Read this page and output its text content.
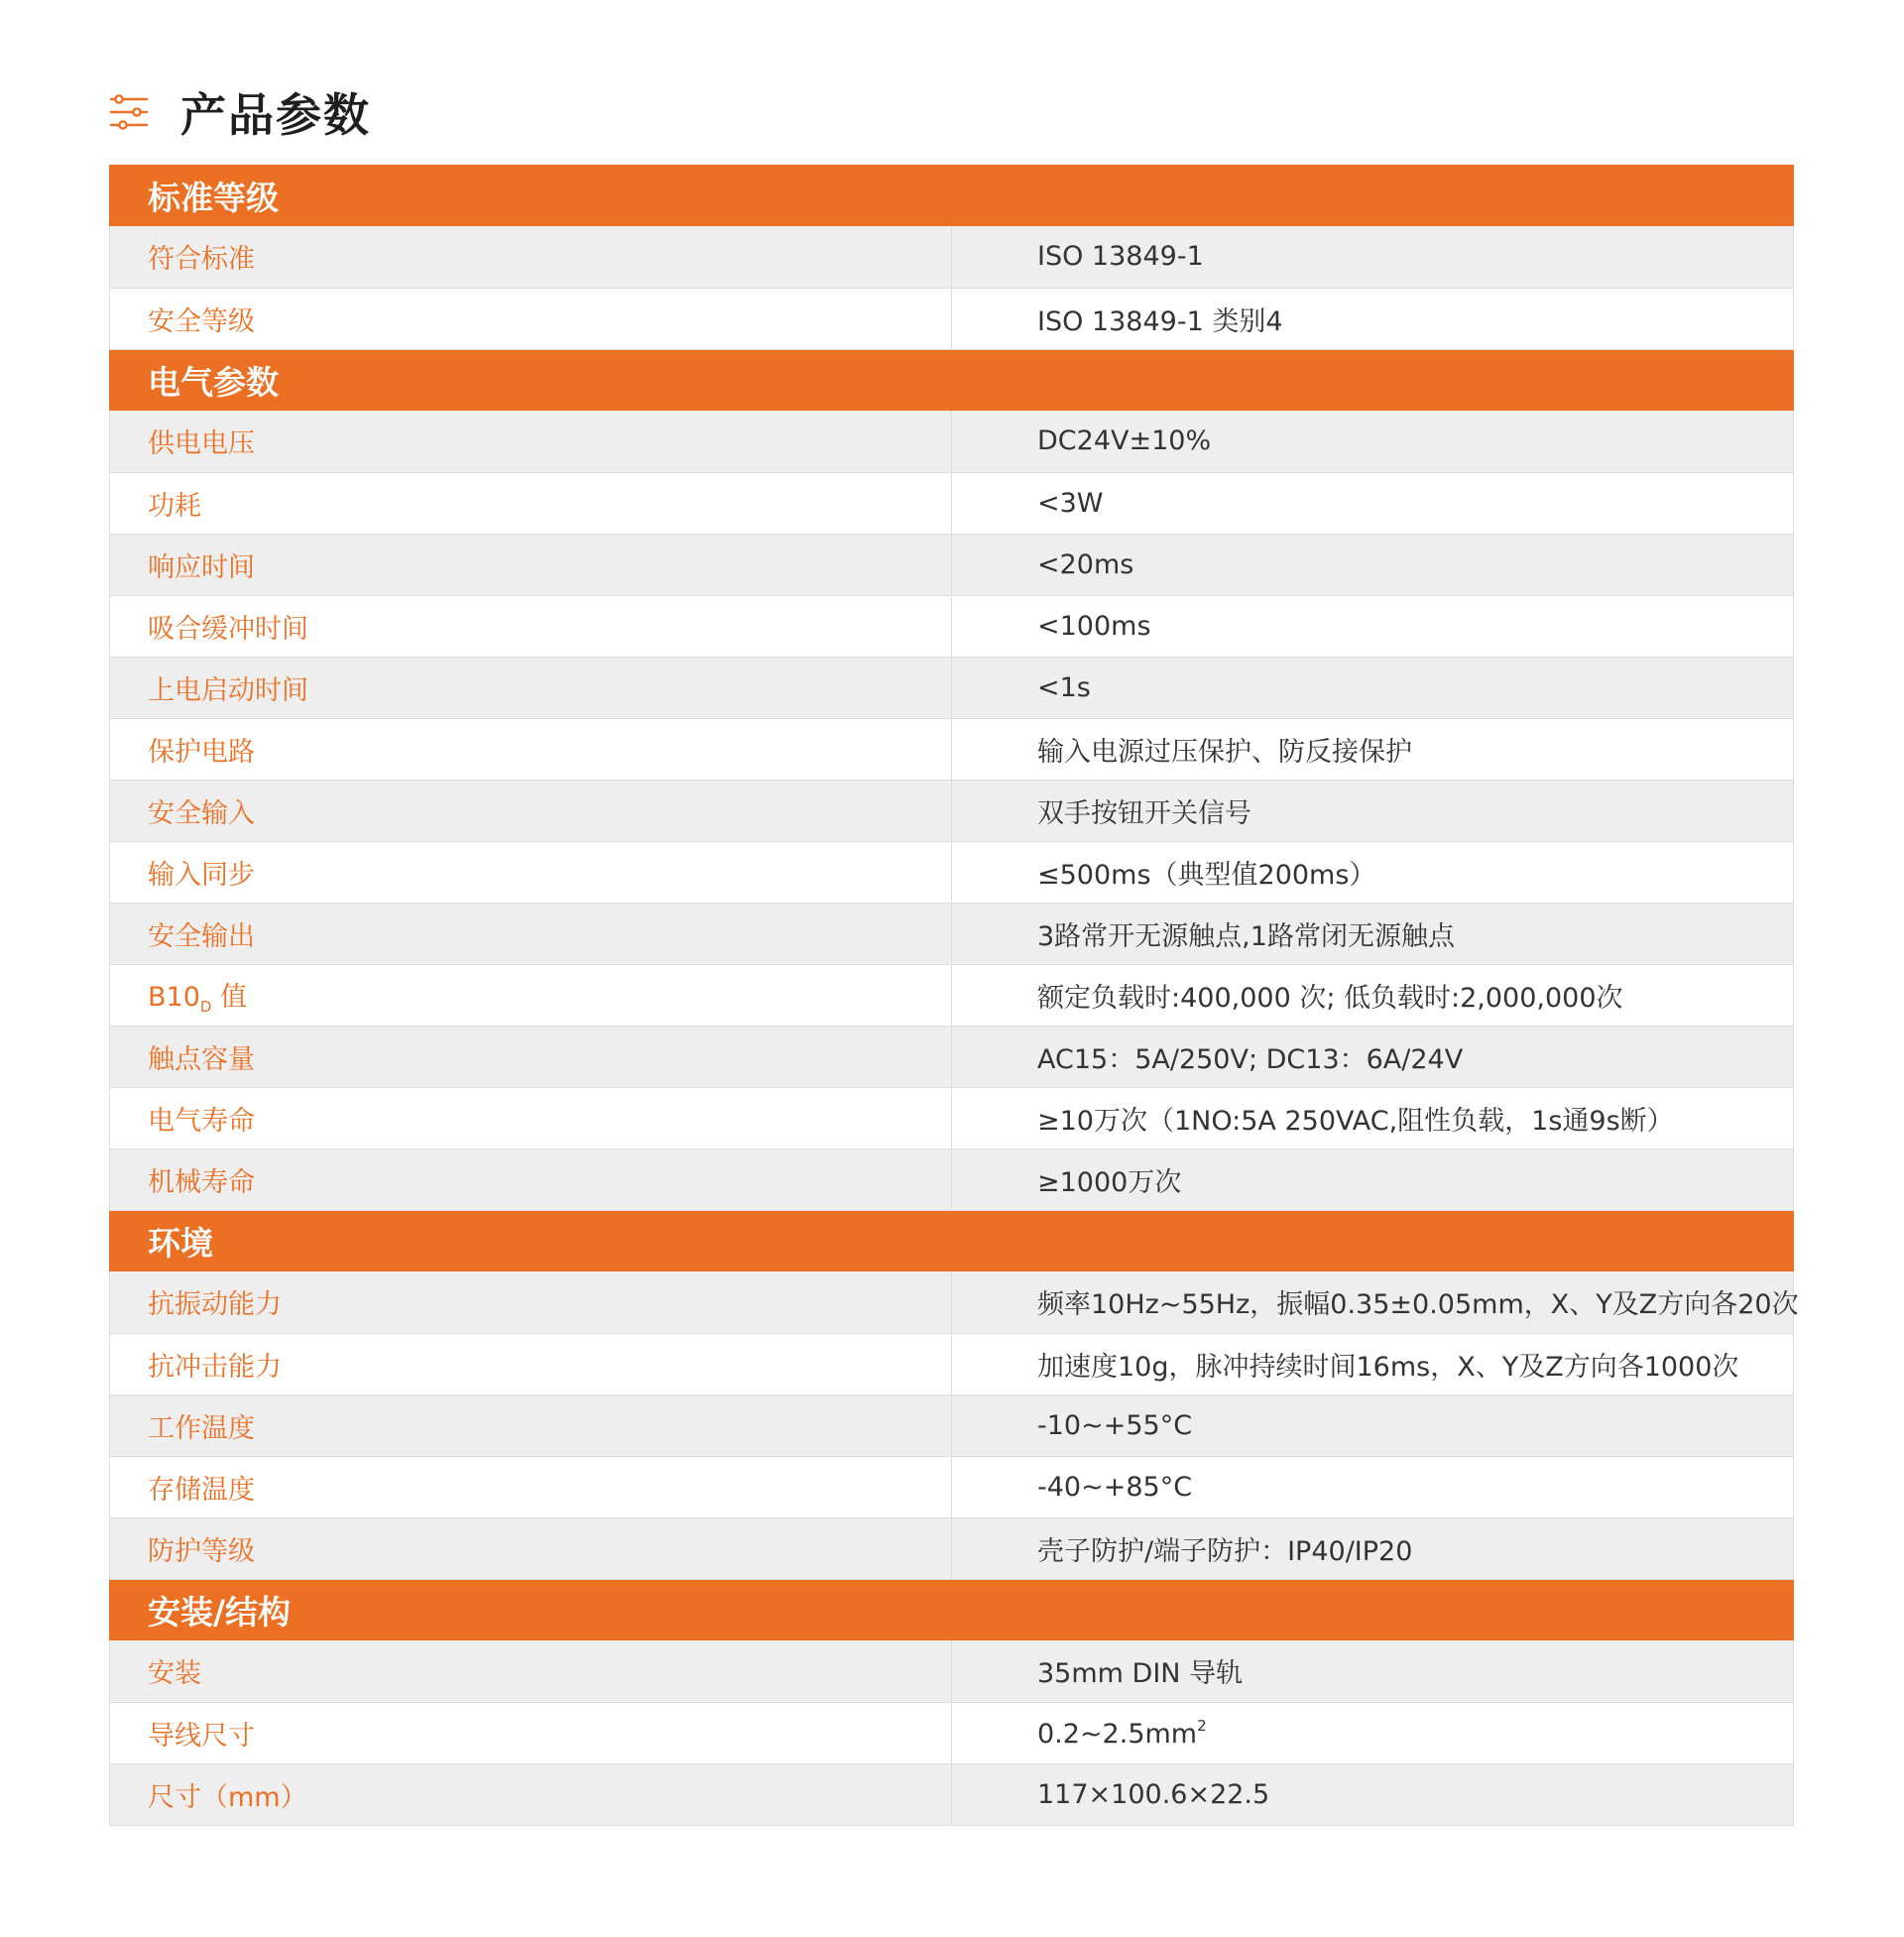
产品参数
标准等级	
符合标准	ISO 13849-1
安全等级	ISO 13849-1 类别4
电气参数	
供电电压	DC24V±10%
功耗	<3W
响应时间	<20ms
吸合缓冲时间	<100ms
上电启动时间	<1s
保护电路	输入电源过压保护、防反接保护
安全输入	双手按钮开关信号
输入同步	≤500ms（典型值200ms）
安全输出	3路常开无源触点,1路常闭无源触点
$B10_D$ 值	额定负载时:400,000 次; 低负载时:2,000,000次
触点容量	AC15：5A/250V; DC13：6A/24V
电气寿命	≥10万次（1NO:5A 250VAC,阻性负载，1s通9s断）
机械寿命	≥1000万次
环境	
抗振动能力	频率10Hz~55Hz，振幅0.35±0.05mm，X、Y及Z方向各20次
抗冲击能力	加速度10g，脉冲持续时间16ms，X、Y及Z方向各1000次
工作温度	-10~+55°C
存储温度	-40~+85°C
防护等级	壳子防护/端子防护：IP40/IP20
安装/结构	
安装	35mm DIN 导轨
导线尺寸	$0.2\sim 2.5mm^2$
尺寸（mm）	117×100.6×22.5
